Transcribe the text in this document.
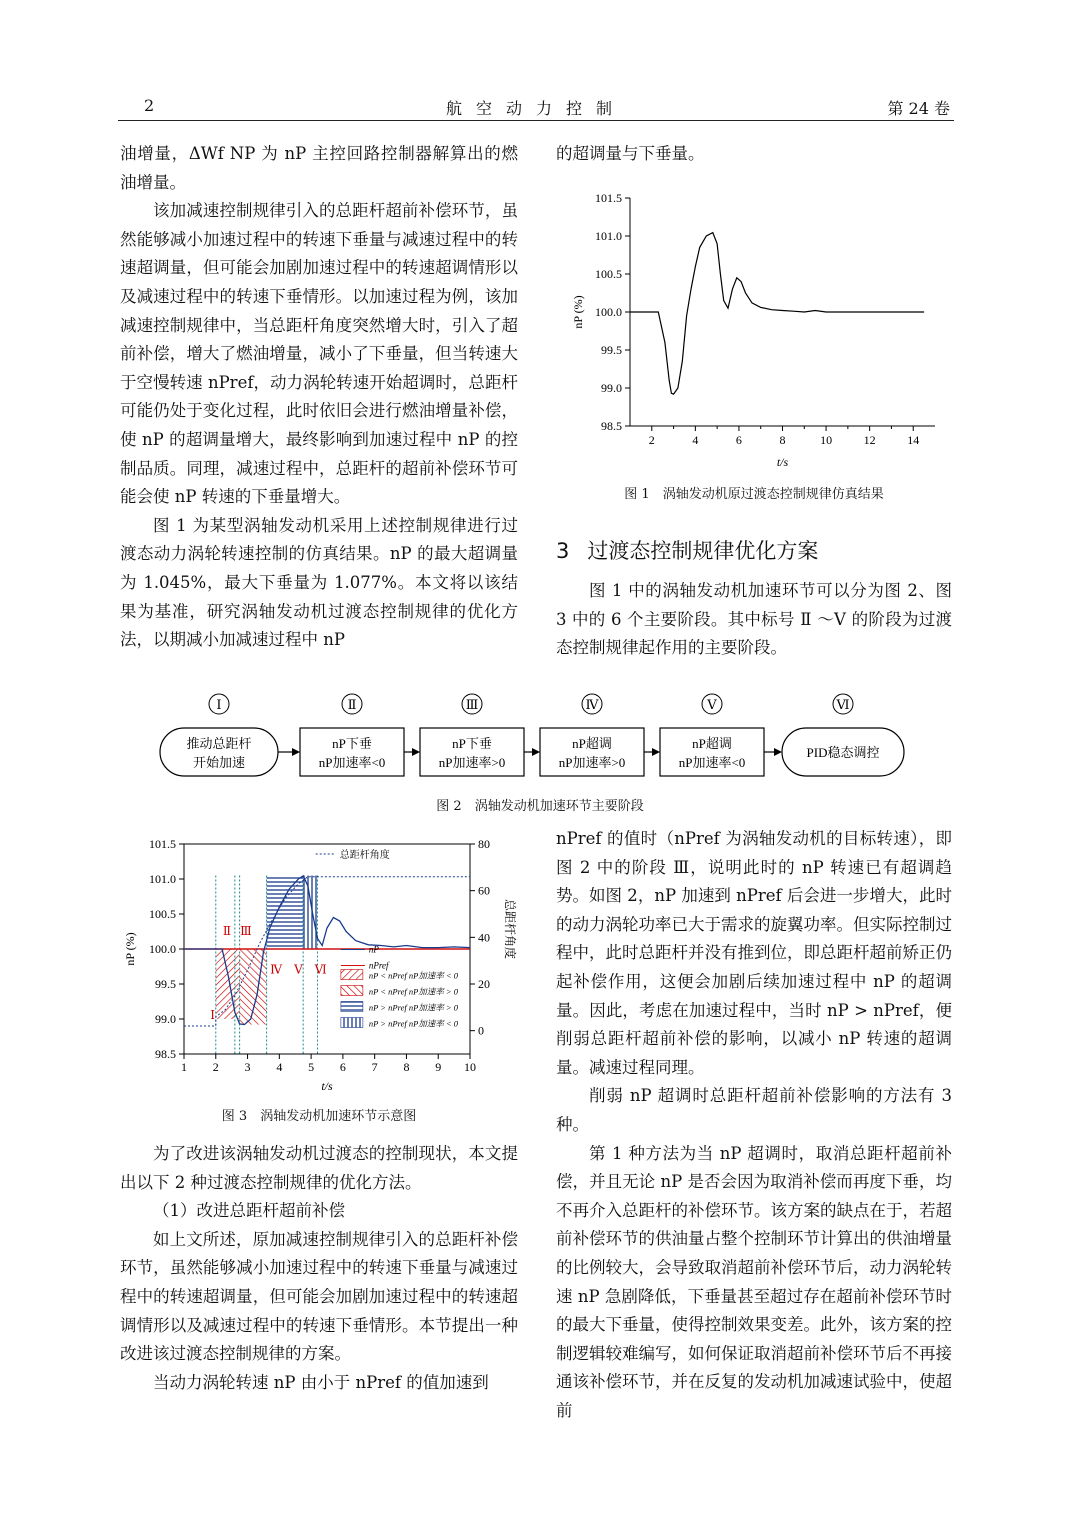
2	航空动力控制	第 24 卷

油增量，ΔWf NP 为 nP 主控回路控制器解算出的燃油增量。

该加减速控制规律引入的总距杆超前补偿环节，虽然能够减小加速过程中的转速下垂量与减速过程中的转速超调量，但可能会加剧加速过程中的转速超调情形以及减速过程中的转速下垂情形。以加速过程为例，该加减速控制规律中，当总距杆角度突然增大时，引入了超前补偿，增大了燃油增量，减小了下垂量，但当转速大于空慢转速 nPref，动力涡轮转速开始超调时，总距杆可能仍处于变化过程，此时依旧会进行燃油增量补偿，使 nP 的超调量增大，最终影响到加速过程中 nP 的控制品质。同理，减速过程中，总距杆的超前补偿环节可能会使 nP 转速的下垂量增大。

图 1 为某型涡轴发动机采用上述控制规律进行过渡态动力涡轮转速控制的仿真结果。nP 的最大超调量为 1.045%，最大下垂量为 1.077%。本文将以该结果为基准，研究涡轴发动机过渡态控制规律的优化方法，以期减小加减速过程中 nP

的超调量与下垂量。

3 过渡态控制规律优化方案

图 1 中的涡轴发动机加速环节可以分为图 2、图 3 中的 6 个主要阶段。其中标号 Ⅱ ～Ⅴ 的阶段为过渡态控制规律起作用的主要阶段。

98.5
99.0
99.5
100.0
100.5
101.0
101.5
2	4	6	8	10	12	14
t/s
nP (%)
图 1　涡轴发动机原过渡态控制规律仿真结果
Ⅰ
推动总距杆
开始加速
Ⅱ
nP下垂
nP加速率<0
Ⅲ
nP下垂
nP加速率>0
Ⅳ
nP超调
nP加速率>0
Ⅴ
nP超调
nP加速率<0
Ⅵ
PID稳态调控
图 2　涡轴发动机加速环节主要阶段
98.5
99.0
99.5
100.0
100.5
101.0
101.5
0
20
40
60
80
1 2 3 4 5 6 7 8 9 10
Ⅰ
Ⅱ Ⅲ
Ⅳ Ⅴ Ⅵ
总距杆角度
nP
nPref
nP < nPref nP加速率 < 0
nP < nPref nP加速率 > 0
nP > nPref nP加速率 > 0
nP > nPref nP加速率 < 0
t/s
nP (%)	总距杆角度
图 3　涡轴发动机加速环节示意图

为了改进该涡轴发动机过渡态的控制现状，本文提出以下 2 种过渡态控制规律的优化方法。

（1）改进总距杆超前补偿

如上文所述，原加减速控制规律引入的总距杆补偿环节，虽然能够减小加速过程中的转速下垂量与减速过程中的转速超调量，但可能会加剧加速过程中的转速超调情形以及减速过程中的转速下垂情形。本节提出一种改进该过渡态控制规律的方案。

当动力涡轮转速 nP 由小于 nPref 的值加速到

nPref 的值时（nPref 为涡轴发动机的目标转速），即图 2 中的阶段 Ⅲ，说明此时的 nP 转速已有超调趋势。如图 2，nP 加速到 nPref 后会进一步增大，此时的动力涡轮功率已大于需求的旋翼功率。但实际控制过程中，此时总距杆并没有推到位，即总距杆超前矫正仍起补偿作用，这便会加剧后续加速过程中 nP 的超调量。因此，考虑在加速过程中，当时 nP > nPref，便削弱总距杆超前补偿的影响，以减小 nP 转速的超调量。减速过程同理。

削弱 nP 超调时总距杆超前补偿影响的方法有 3 种。

第 1 种方法为当 nP 超调时，取消总距杆超前补偿，并且无论 nP 是否会因为取消补偿而再度下垂，均不再介入总距杆的补偿环节。该方案的缺点在于，若超前补偿环节的供油量占整个控制环节计算出的供油增量的比例较大，会导致取消超前补偿环节后，动力涡轮转速 nP 急剧降低，下垂量甚至超过存在超前补偿环节时的最大下垂量，使得控制效果变差。此外，该方案的控制逻辑较难编写，如何保证取消超前补偿环节后不再接通该补偿环节，并在反复的发动机加减速试验中，使超前
